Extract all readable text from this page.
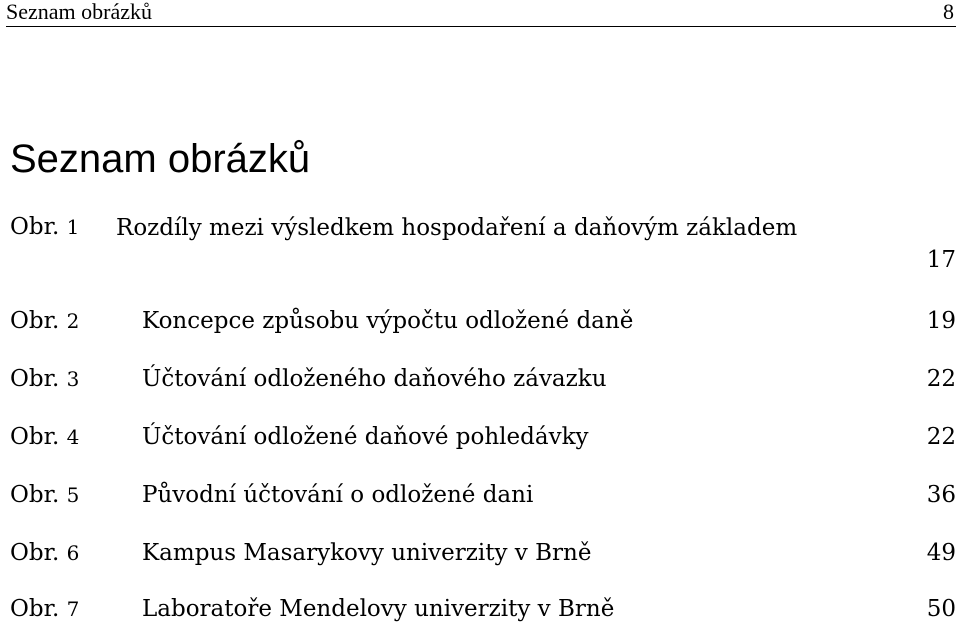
Seznam obrázků	8
Seznam obrázků
Obr. 1 Rozdíly mezi výsledkem hospodaření a daňovým základem
17
Obr. 2	Koncepce způsobu výpočtu odložené daně	19
Obr. 3	Účtování odloženého daňového závazku	22
Obr. 4	Účtování odložené daňové pohledávky	22
Obr. 5	Původní účtování o odložené dani	36
Obr. 6	Kampus Masarykovy univerzity v Brně	49
Obr. 7	Laboratoře Mendelovy univerzity v Brně	50
